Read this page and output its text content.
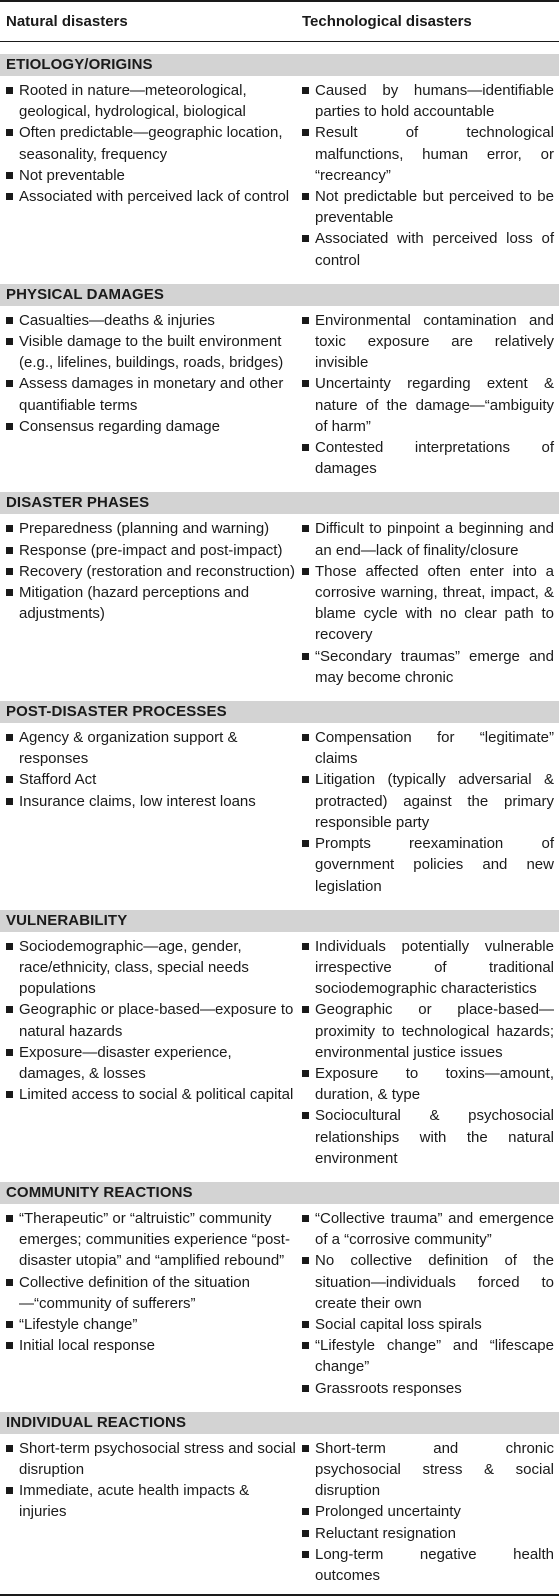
Natural disasters	Technological disasters
ETIOLOGY/ORIGINS
Rooted in nature—meteorological, geological, hydrological, biological
Often predictable—geographic location, seasonality, frequency
Not preventable
Associated with perceived lack of control
Caused by humans—identifiable parties to hold accountable
Result of technological malfunctions, human error, or “recreancy”
Not predictable but perceived to be preventable
Associated with perceived loss of control
PHYSICAL DAMAGES
Casualties—deaths & injuries
Visible damage to the built environment (e.g., lifelines, buildings, roads, bridges)
Assess damages in monetary and other quantifiable terms
Consensus regarding damage
Environmental contamination and toxic exposure are relatively invisible
Uncertainty regarding extent & nature of the damage—“ambiguity of harm”
Contested interpretations of damages
DISASTER PHASES
Preparedness (planning and warning)
Response (pre-impact and post-impact)
Recovery (restoration and reconstruction)
Mitigation (hazard perceptions and adjustments)
Difficult to pinpoint a beginning and an end—lack of finality/closure
Those affected often enter into a corrosive warning, threat, impact, & blame cycle with no clear path to recovery
“Secondary traumas” emerge and may become chronic
POST-DISASTER PROCESSES
Agency & organization support & responses
Stafford Act
Insurance claims, low interest loans
Compensation for “legitimate” claims
Litigation (typically adversarial & protracted) against the primary responsible party
Prompts reexamination of government policies and new legislation
VULNERABILITY
Sociodemographic—age, gender, race/ethnicity, class, special needs populations
Geographic or place-based—exposure to natural hazards
Exposure—disaster experience, damages, & losses
Limited access to social & political capital
Individuals potentially vulnerable irrespective of traditional sociodemographic characteristics
Geographic or place-based—proximity to technological hazards; environmental justice issues
Exposure to toxins—amount, duration, & type
Sociocultural & psychosocial relationships with the natural environment
COMMUNITY REACTIONS
“Therapeutic” or “altruistic” community emerges; communities experience “post-disaster utopia” and “amplified rebound”
Collective definition of the situation—“community of sufferers”
“Lifestyle change”
Initial local response
“Collective trauma” and emergence of a “corrosive community”
No collective definition of the situation—individuals forced to create their own
Social capital loss spirals
“Lifestyle change” and “lifescape change”
Grassroots responses
INDIVIDUAL REACTIONS
Short-term psychosocial stress and social disruption
Immediate, acute health impacts & injuries
Short-term and chronic psychosocial stress & social disruption
Prolonged uncertainty
Reluctant resignation
Long-term negative health outcomes
